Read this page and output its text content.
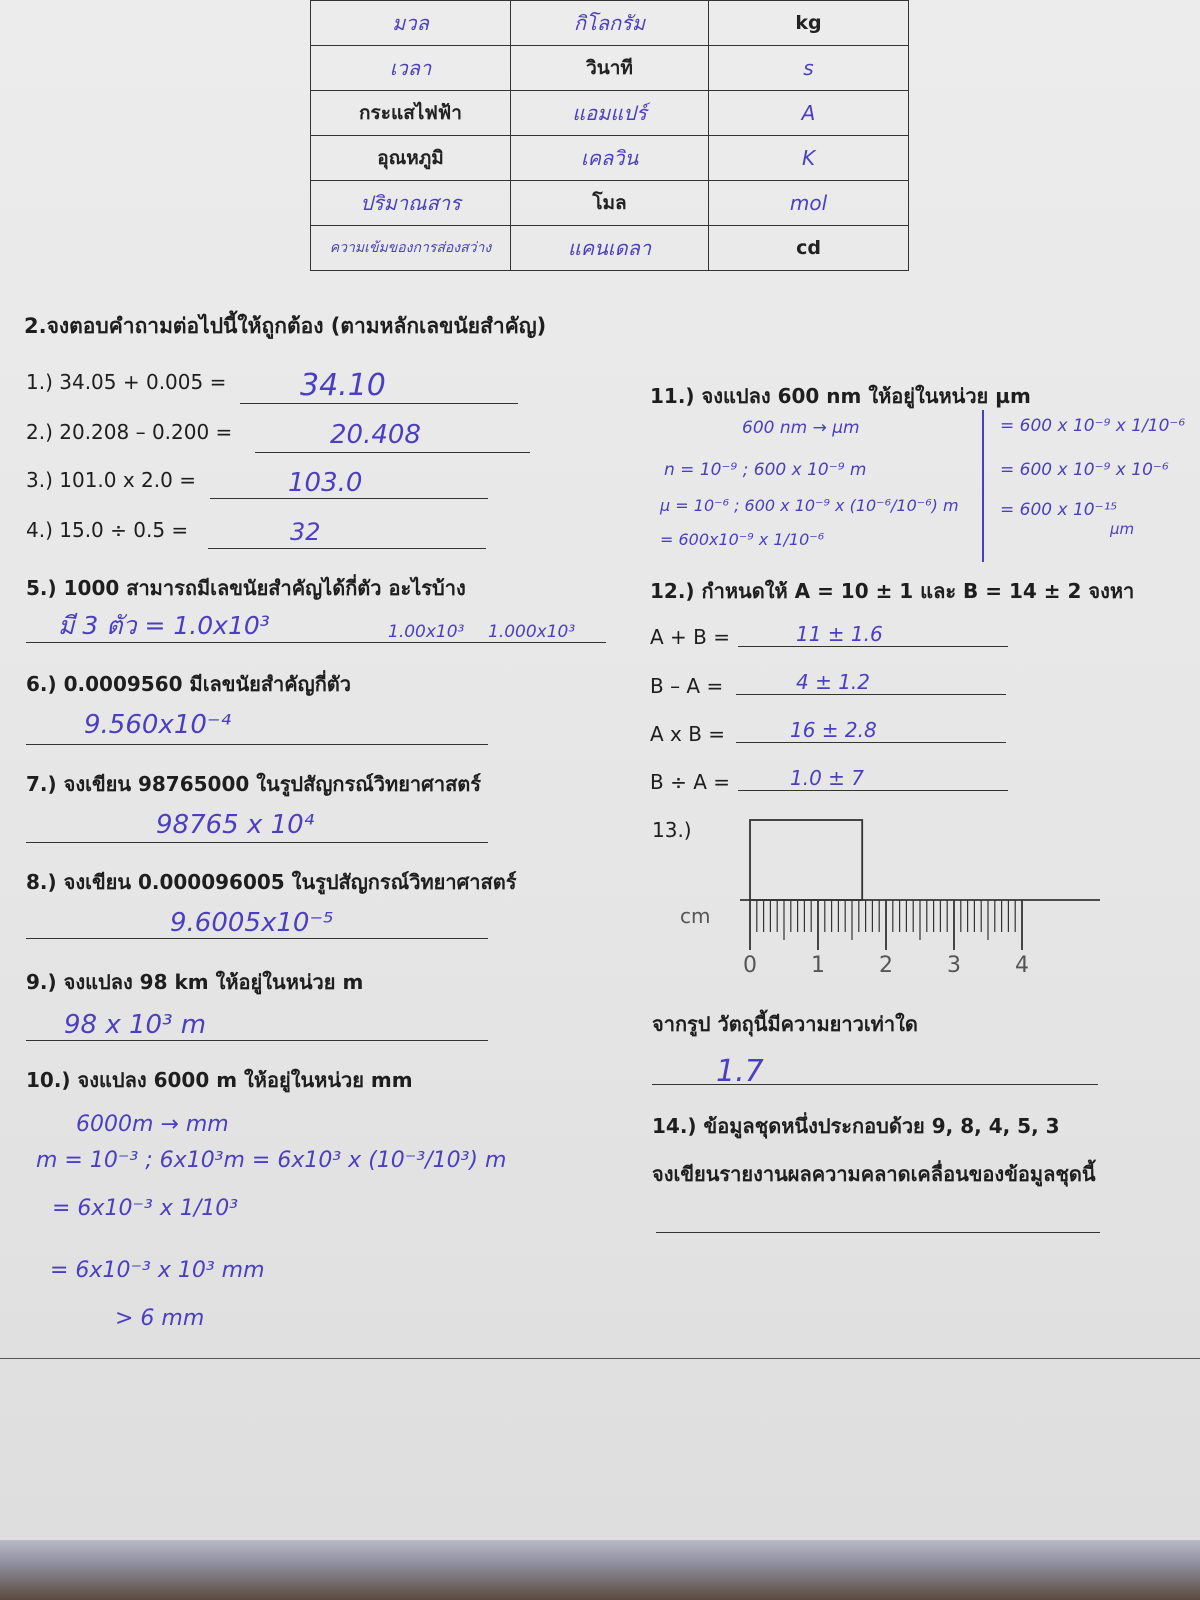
มวล	กิโลกรัม	kg
เวลา	วินาที	s
กระแสไฟฟ้า	แอมแปร์	A
อุณหภูมิ	เคลวิน	K
ปริมาณสาร	โมล	mol
ความเข้มของการส่องสว่าง	แคนเดลา	cd
2.จงตอบคำถามต่อไปนี้ให้ถูกต้อง (ตามหลักเลขนัยสำคัญ)
1.) 34.05 + 0.005 = 34.10
2.) 20.208 – 0.200 =	20.408
3.) 101.0 x 2.0 =	103.0
4.) 15.0 ÷ 0.5 =	32
5.) 1000 สามารถมีเลขนัยสำคัญได้กี่ตัว อะไรบ้าง
มี 3 ตัว = 1.0x10³	1.00x10³ 1.000x10³
6.) 0.0009560 มีเลขนัยสำคัญกี่ตัว
9.560x10⁻⁴
7.) จงเขียน 98765000 ในรูปสัญกรณ์วิทยาศาสตร์
98765 x 10⁴
8.) จงเขียน 0.000096005 ในรูปสัญกรณ์วิทยาศาสตร์
9.6005x10⁻⁵
9.) จงแปลง 98 km ให้อยู่ในหน่วย m
98 x 10³ m
10.) จงแปลง 6000 m ให้อยู่ในหน่วย mm
6000m → mm
m = 10⁻³ ; 6x10³m = 6x10³ x (10⁻³/10³) m
= 6x10⁻³ x 1/10³
= 6x10⁻³ x 10³ mm
> 6 mm
11.) จงแปลง 600 nm ให้อยู่ในหน่วย µm
600 nm → µm
n = 10⁻⁹ ; 600 x 10⁻⁹ m
µ = 10⁻⁶ ; 600 x 10⁻⁹ x (10⁻⁶/10⁻⁶) m
= 600x10⁻⁹ x 1/10⁻⁶
= 600 x 10⁻⁹ x 1/10⁻⁶
= 600 x 10⁻⁹ x 10⁻⁶
= 600 x 10⁻¹⁵
µm
12.) กำหนดให้ A = 10 ± 1 และ B = 14 ± 2 จงหา
A + B =	11 ± 1.6
B – A =	4 ± 1.2
A x B =	16 ± 2.8
B ÷ A =	1.0 ± 7
13.)
cm
0 1 2 3 4
จากรูป วัตถุนี้มีความยาวเท่าใด
1.7
14.) ข้อมูลชุดหนึ่งประกอบด้วย 9, 8, 4, 5, 3
จงเขียนรายงานผลความคลาดเคลื่อนของข้อมูลชุดนี้
